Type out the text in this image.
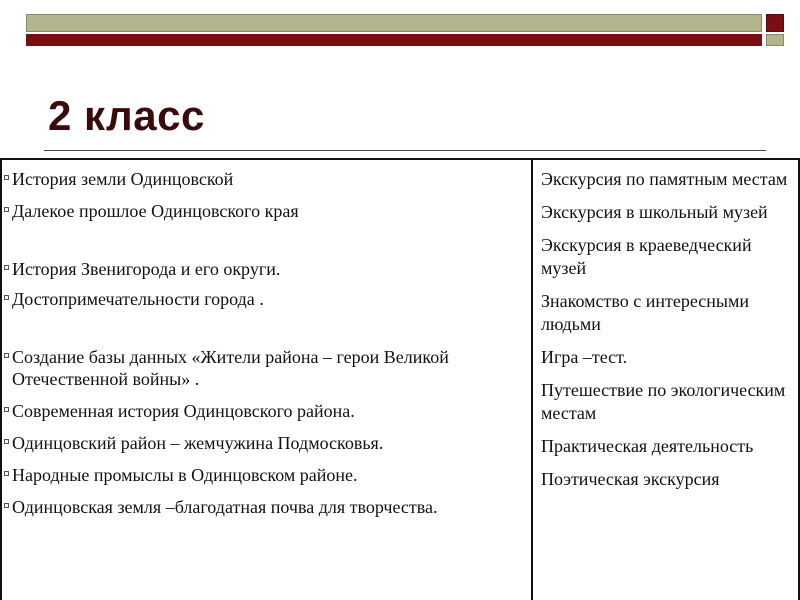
2 класс
История земли Одинцовской
Далекое прошлое Одинцовского края
История Звенигорода и его округи.
Достопримечательности города .
Создание базы данных «Жители района – герои Великой Отечественной войны» .
Современная история Одинцовского района.
Одинцовский район – жемчужина Подмосковья.
Народные промыслы в Одинцовском районе.
Одинцовская земля –благодатная почва для творчества.
Экскурсия по памятным местам
Экскурсия в школьный музей
Экскурсия в краеведческий музей
Знакомство с интересными людьми
Игра –тест.
Путешествие по экологическим местам
Практическая деятельность
Поэтическая экскурсия
